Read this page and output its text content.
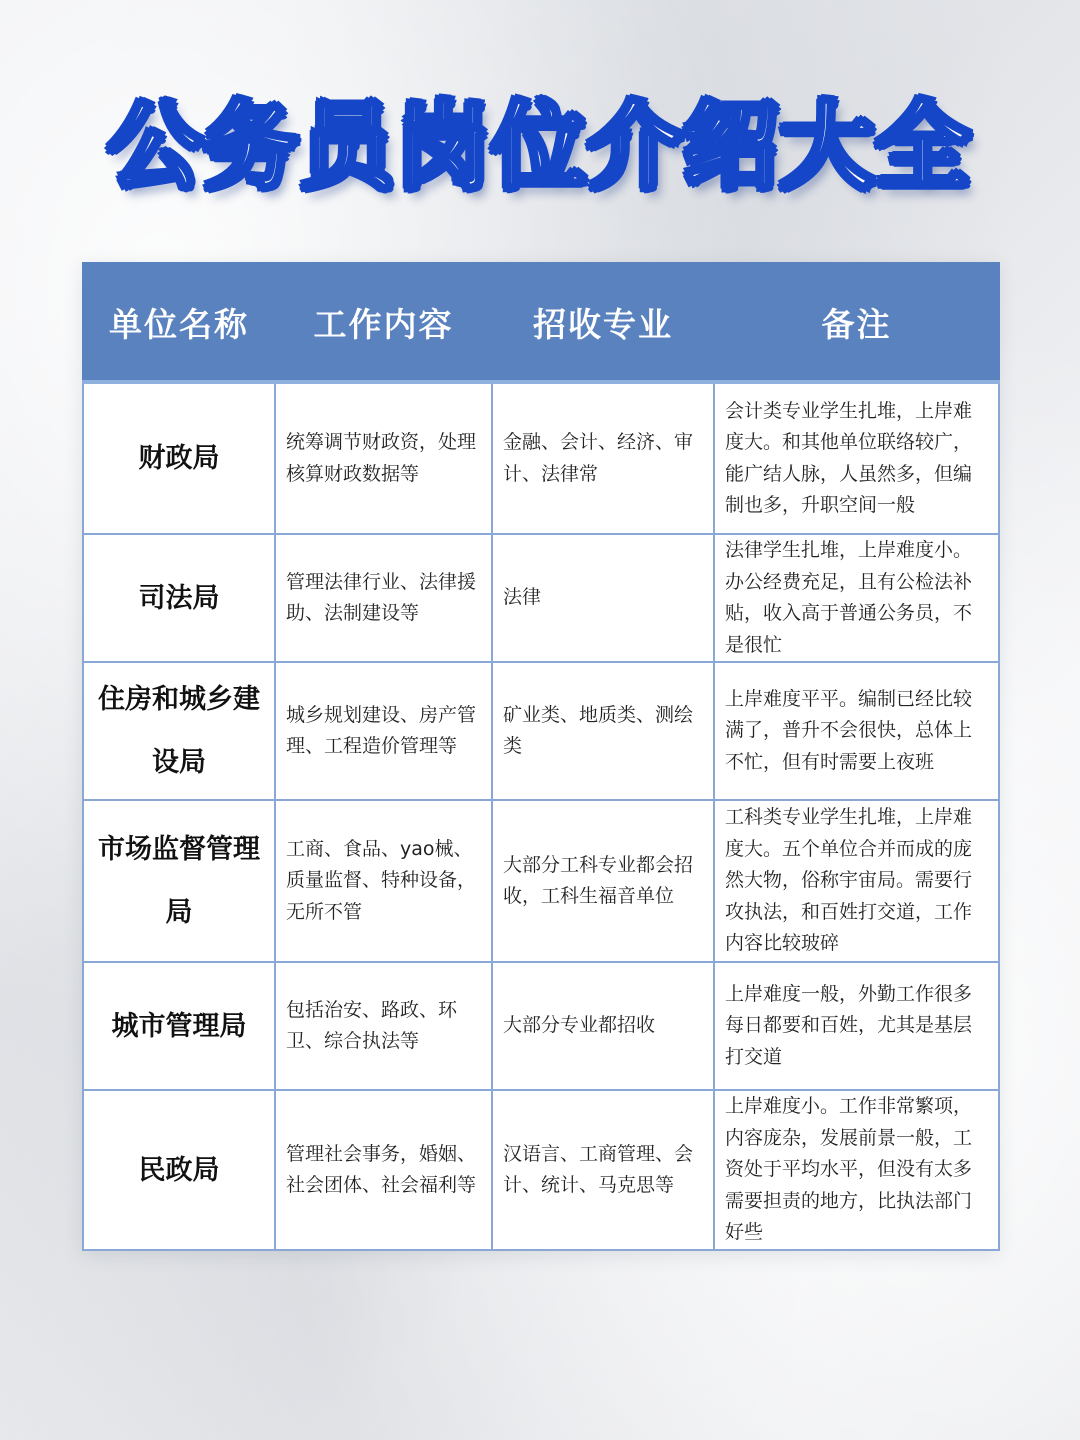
公务员岗位介绍大全
单位名称	工作内容	招收专业	备注
财政局	统筹调节财政资，处理核算财政数据等	金融、会计、经济、审计、法律常	会计类专业学生扎堆，上岸难度大。和其他单位联络较广，能广结人脉，人虽然多，但编制也多，升职空间一般
司法局	管理法律行业、法律援助、法制建设等	法律	法律学生扎堆，上岸难度小。办公经费充足，且有公检法补贴，收入高于普通公务员，不是很忙
住房和城乡建设局	城乡规划建设、房产管理、工程造价管理等	矿业类、地质类、测绘类	上岸难度平平。编制已经比较满了，普升不会很快，总体上不忙，但有时需要上夜班
市场监督管理局	工商、食品、yao械、质量监督、特种设备，无所不管	大部分工科专业都会招收，工科生福音单位	工科类专业学生扎堆，上岸难度大。五个单位合并而成的庞然大物，俗称宇宙局。需要行攻执法，和百姓打交道，工作内容比较玻碎
城市管理局	包括治安、路政、环卫、综合执法等	大部分专业都招收	上岸难度一般，外勤工作很多每日都要和百姓，尤其是基层打交道
民政局	管理社会事务，婚姻、社会团体、社会福利等	汉语言、工商管理、会计、统计、马克思等	上岸难度小。工作非常繁项，内容庞杂，发展前景一般，工资处于平均水平，但没有太多需要担责的地方，比执法部门好些
